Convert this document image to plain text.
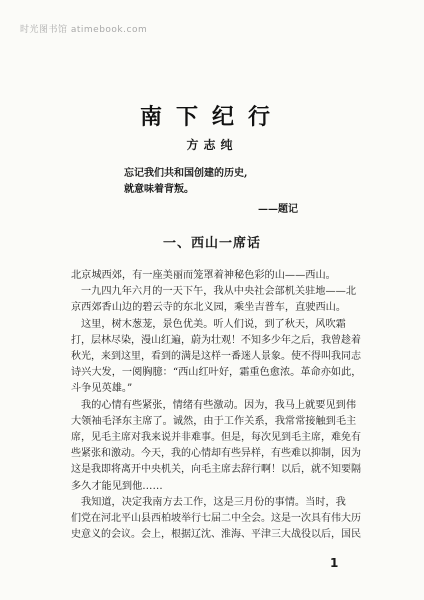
时光图书馆 atimebook.com
南下纪行
方志纯
忘记我们共和国创建的历史,
就意味着背叛。
——题记
一、西山一席话

北京城西郊，有一座美丽而笼罩着神秘色彩的山——西山。

一九四九年六月的一天下午，我从中央社会部机关驻地——北

京西郊香山边的碧云寺的东北义园，乘坐吉普车，直驶西山。

这里，树木葱茏，景色优美。听人们说，到了秋天，风吹霜

打，层林尽染，漫山红遍，蔚为壮观！不知多少年之后，我曾趁着

秋光，来到这里，看到的满是这样一番迷人景象。使不得叫我同志

诗兴大发，一阅胸臆：“西山红叶好，霜重色愈浓。革命亦如此，

斗争见英雄。”

我的心情有些紧张，情绪有些激动。因为，我马上就要见到伟

大领袖毛泽东主席了。诚然，由于工作关系，我常常接触到毛主

席，见毛主席对我来说并非难事。但是，每次见到毛主席，难免有

些紧张和激动。今天，我的心情却有些异样，有些难以抑制，因为

这是我即将离开中央机关，向毛主席去辞行啊！以后，就不知要隔

多久才能见到他……

我知道，决定我南方去工作，这是三月份的事情。当时，我

们党在河北平山县西柏坡举行七届二中全会。这是一次具有伟大历

史意义的会议。会上，根据辽沈、淮海、平津三大战役以后，国民

1
